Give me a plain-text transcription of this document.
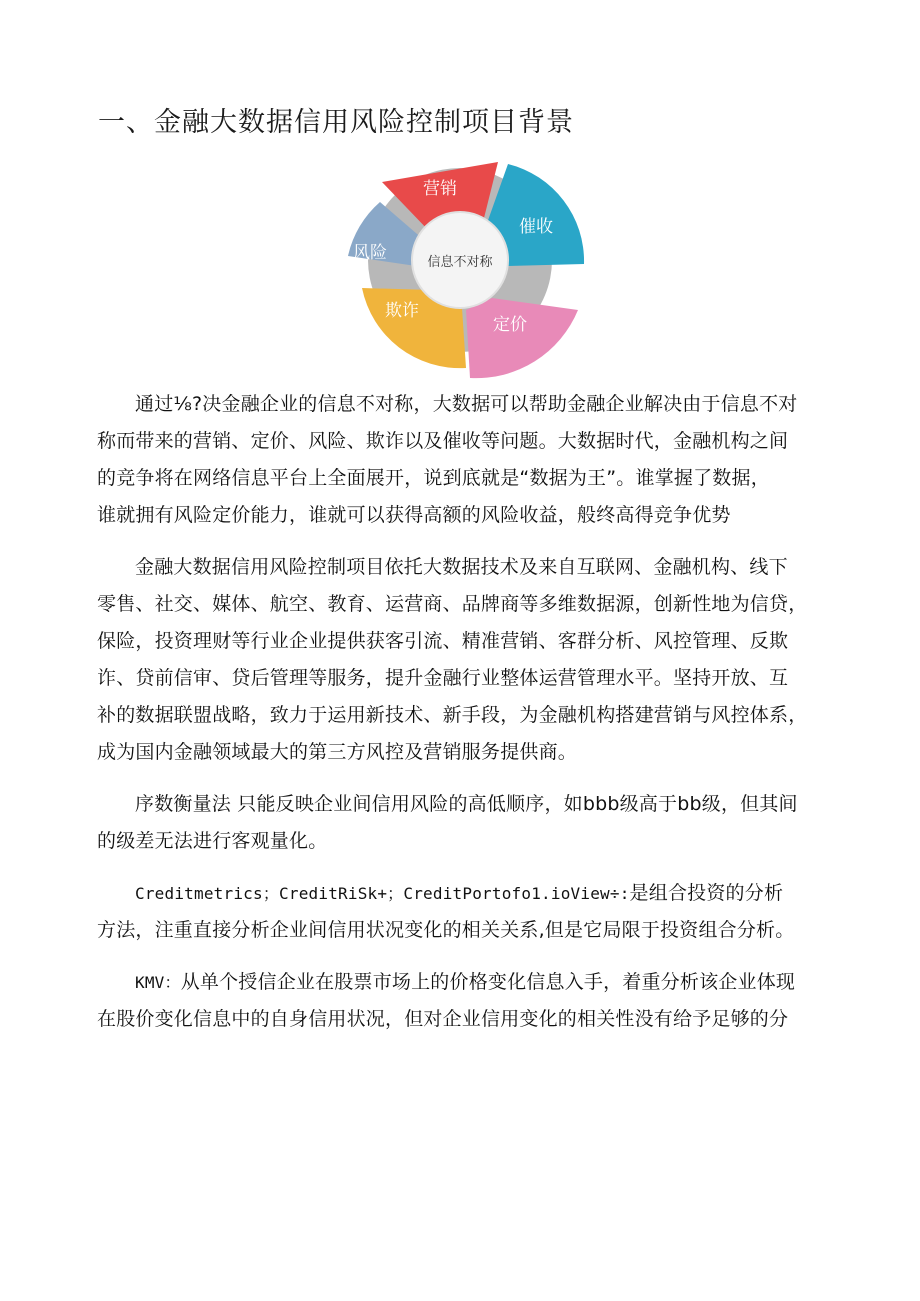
一、金融大数据信用风险控制项目背景
信息不对称
营销
催收
定价
欺诈
风险

通过⅛?决金融企业的信息不对称，大数据可以帮助金融企业解决由于信息不对
称而带来的营销、定价、风险、欺诈以及催收等问题。大数据时代，金融机构之间
的竞争将在网络信息平台上全面展开，说到底就是“数据为王”。谁掌握了数据，
谁就拥有风险定价能力，谁就可以获得高额的风险收益，般终高得竞争优势

金融大数据信用风险控制项目依托大数据技术及来自互联网、金融机构、线下
零售、社交、媒体、航空、教育、运营商、品牌商等多维数据源，创新性地为信贷，
保险，投资理财等行业企业提供获客引流、精准营销、客群分析、风控管理、反欺
诈、贷前信审、贷后管理等服务，提升金融行业整体运营管理水平。坚持开放、互
补的数据联盟战略，致力于运用新技术、新手段，为金融机构搭建营销与风控体系，
成为国内金融领域最大的第三方风控及营销服务提供商。

序数衡量法 只能反映企业间信用风险的高低顺序，如bbb级高于bb级，但其间
的级差无法进行客观量化。

Creditmetrics；CreditRiSk+；CreditPortofo1.ioView÷:是组合投资的分析
方法，注重直接分析企业间信用状况变化的相关关系,但是它局限于投资组合分析。

KMV：从单个授信企业在股票市场上的价格变化信息入手，着重分析该企业体现
在股价变化信息中的自身信用状况，但对企业信用变化的相关性没有给予足够的分
